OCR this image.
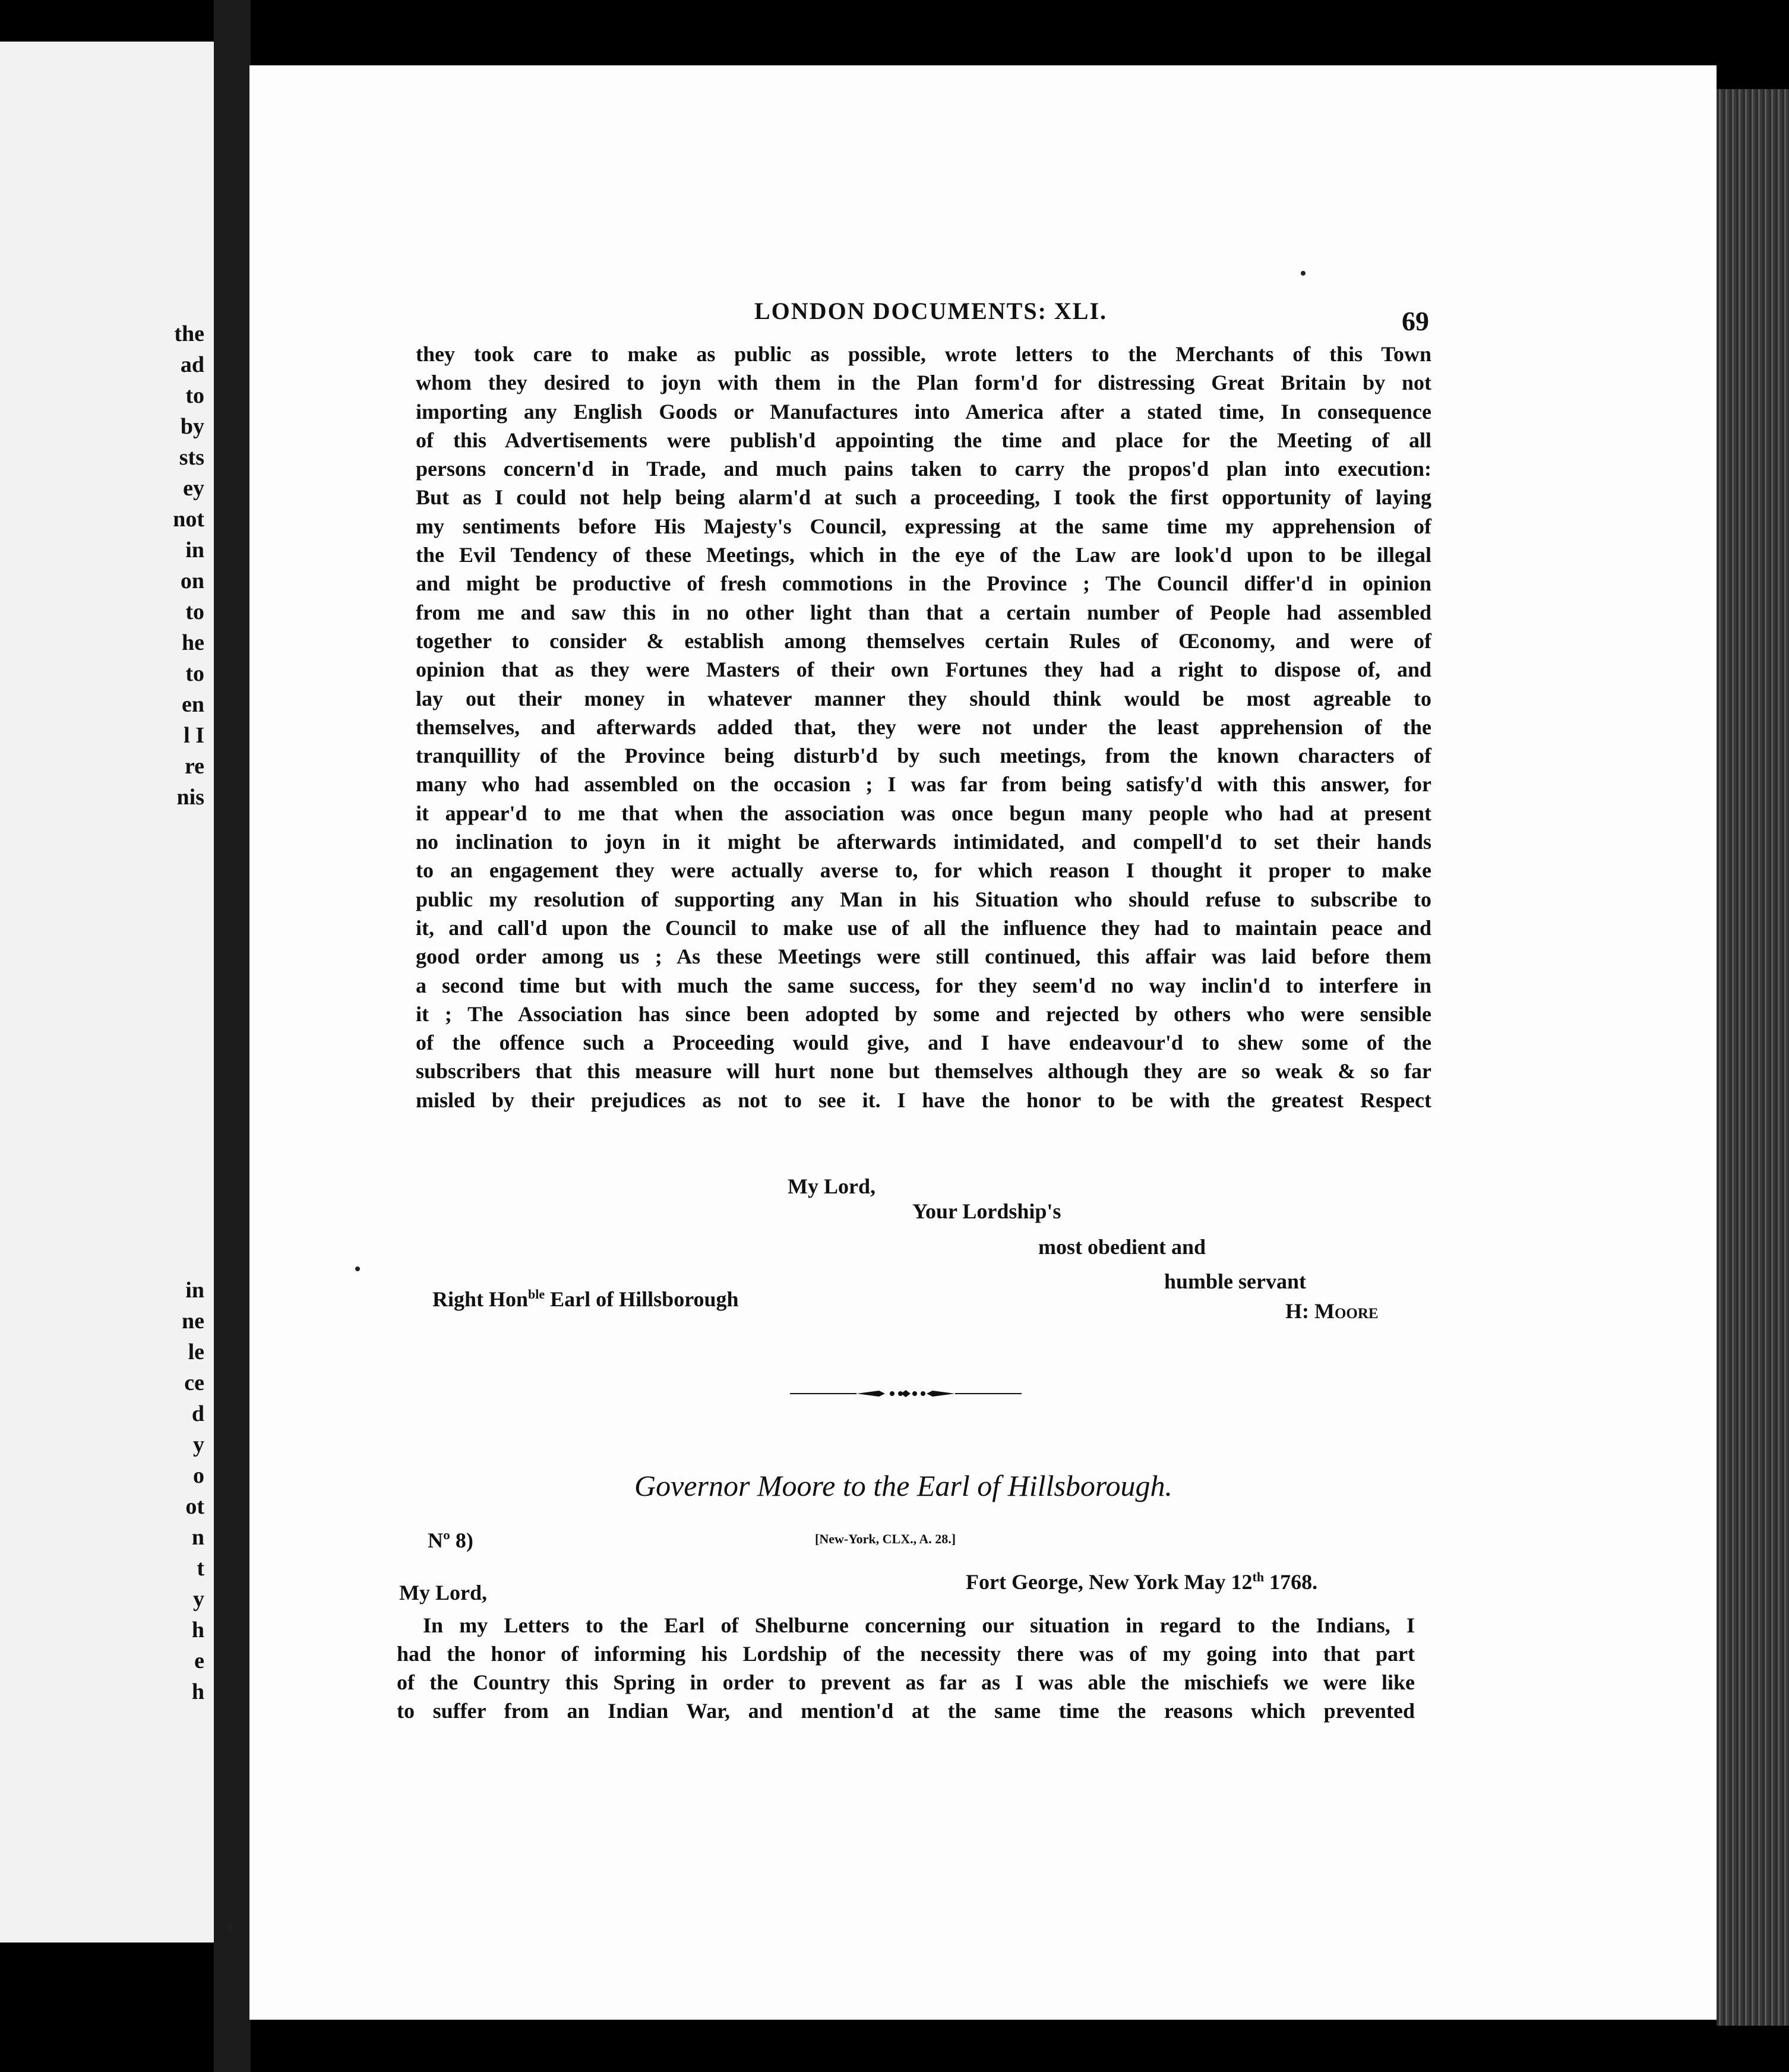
the
ad
to
by
sts
ey
not
in
on
to
he
to
en
l I
re
nis
in
ne
le
ce
d
y
o
ot
n
t
y
h
e
h
LONDON DOCUMENTS: XLI.	69
they took care to make as public as possible, wrote letters to the Merchants of this Town
whom they desired to joyn with them in the Plan form'd for distressing Great Britain by not
importing any English Goods or Manufactures into America after a stated time, In consequence
of this Advertisements were publish'd appointing the time and place for the Meeting of all
persons concern'd in Trade, and much pains taken to carry the propos'd plan into execution:
But as I could not help being alarm'd at such a proceeding, I took the first opportunity of laying
my sentiments before His Majesty's Council, expressing at the same time my apprehension of
the Evil Tendency of these Meetings, which in the eye of the Law are look'd upon to be illegal
and might be productive of fresh commotions in the Province ; The Council differ'd in opinion
from me and saw this in no other light than that a certain number of People had assembled
together to consider & establish among themselves certain Rules of Œconomy, and were of
opinion that as they were Masters of their own Fortunes they had a right to dispose of, and
lay out their money in whatever manner they should think would be most agreable to
themselves, and afterwards added that, they were not under the least apprehension of the
tranquillity of the Province being disturb'd by such meetings, from the known characters of
many who had assembled on the occasion ; I was far from being satisfy'd with this answer, for
it appear'd to me that when the association was once begun many people who had at present
no inclination to joyn in it might be afterwards intimidated, and compell'd to set their hands
to an engagement they were actually averse to, for which reason I thought it proper to make
public my resolution of supporting any Man in his Situation who should refuse to subscribe to
it, and call'd upon the Council to make use of all the influence they had to maintain peace and
good order among us ; As these Meetings were still continued, this affair was laid before them
a second time but with much the same success, for they seem'd no way inclin'd to interfere in
it ; The Association has since been adopted by some and rejected by others who were sensible
of the offence such a Proceeding would give, and I have endeavour'd to shew some of the
subscribers that this measure will hurt none but themselves although they are so weak & so far
misled by their prejudices as not to see it. I have the honor to be with the greatest Respect
My Lord,
Your Lordship's
most obedient and
humble servant
Right Hon$^{ble}$ Earl of Hillsborough	H: Moore
Governor Moore to the Earl of Hillsborough.
Nº 8)	[New-York, CLX., A. 28.]
My Lord,	Fort George, New York May 12th 1768.
In my Letters to the Earl of Shelburne concerning our situation in regard to the Indians, I
had the honor of informing his Lordship of the necessity there was of my going into that part
of the Country this Spring in order to prevent as far as I was able the mischiefs we were like
to suffer from an Indian War, and mention'd at the same time the reasons which prevented
